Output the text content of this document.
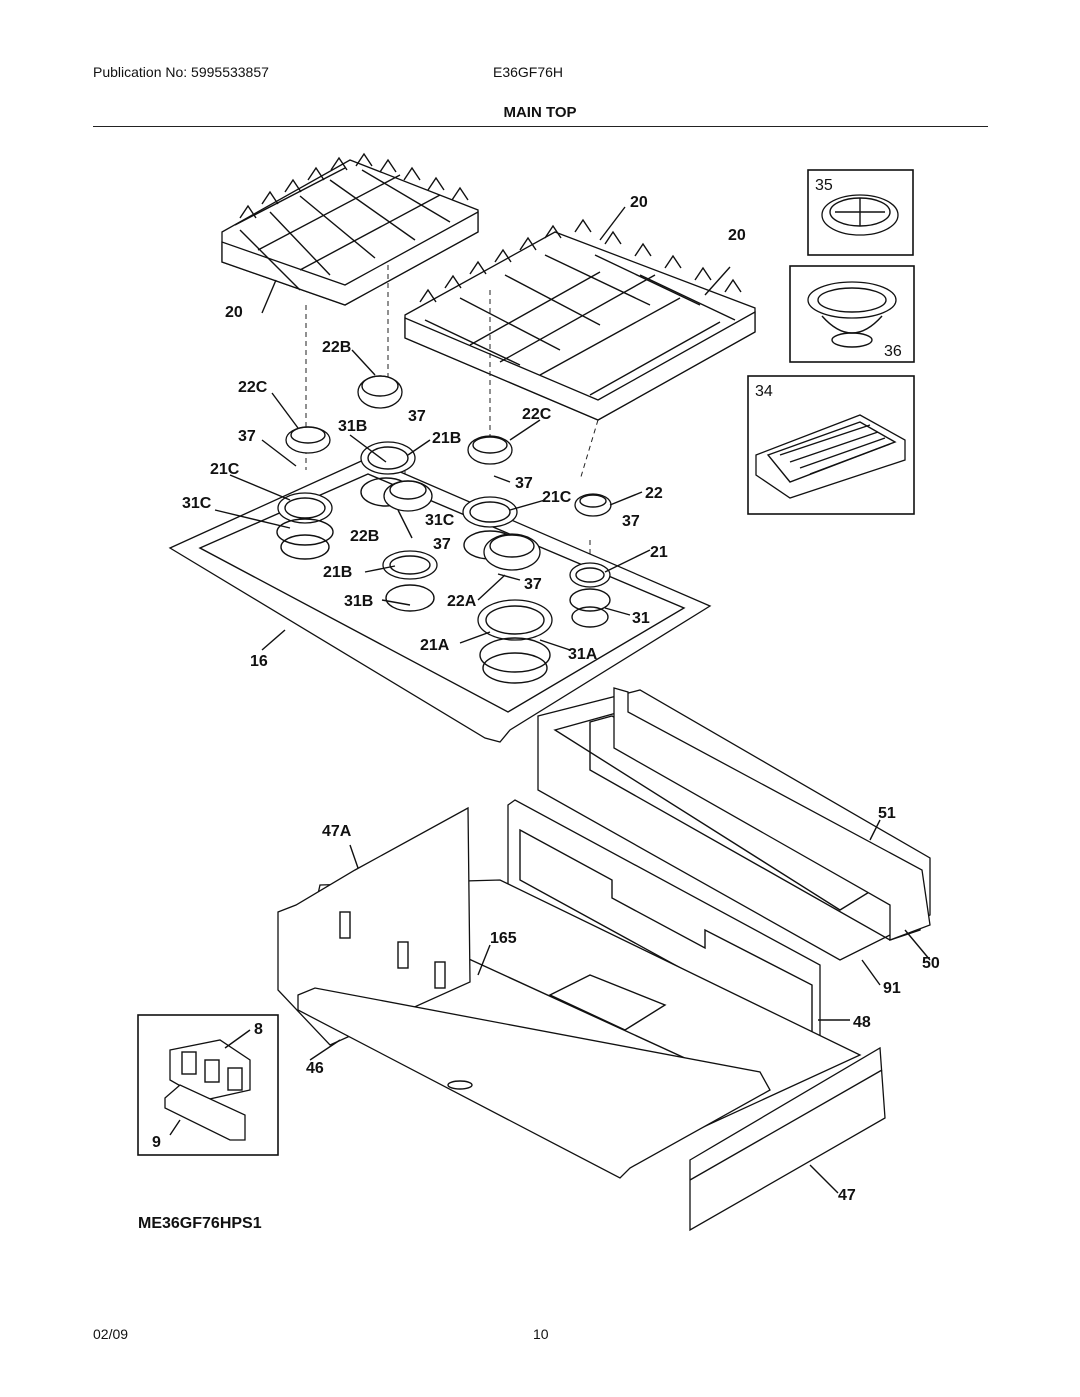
Publication No: 5995533857	E36GF76H
MAIN TOP
20
20
20
35
36
34
22B
22C
37
31B
37
21B
22C
21C
31C
37
21C	22
31C	37
22B	37	21
21B
37
31B	22A
31
21A
31A
16
51
47A
165
50
91
48
8
46
9
47
ME36GF76HPS1
02/09	10
